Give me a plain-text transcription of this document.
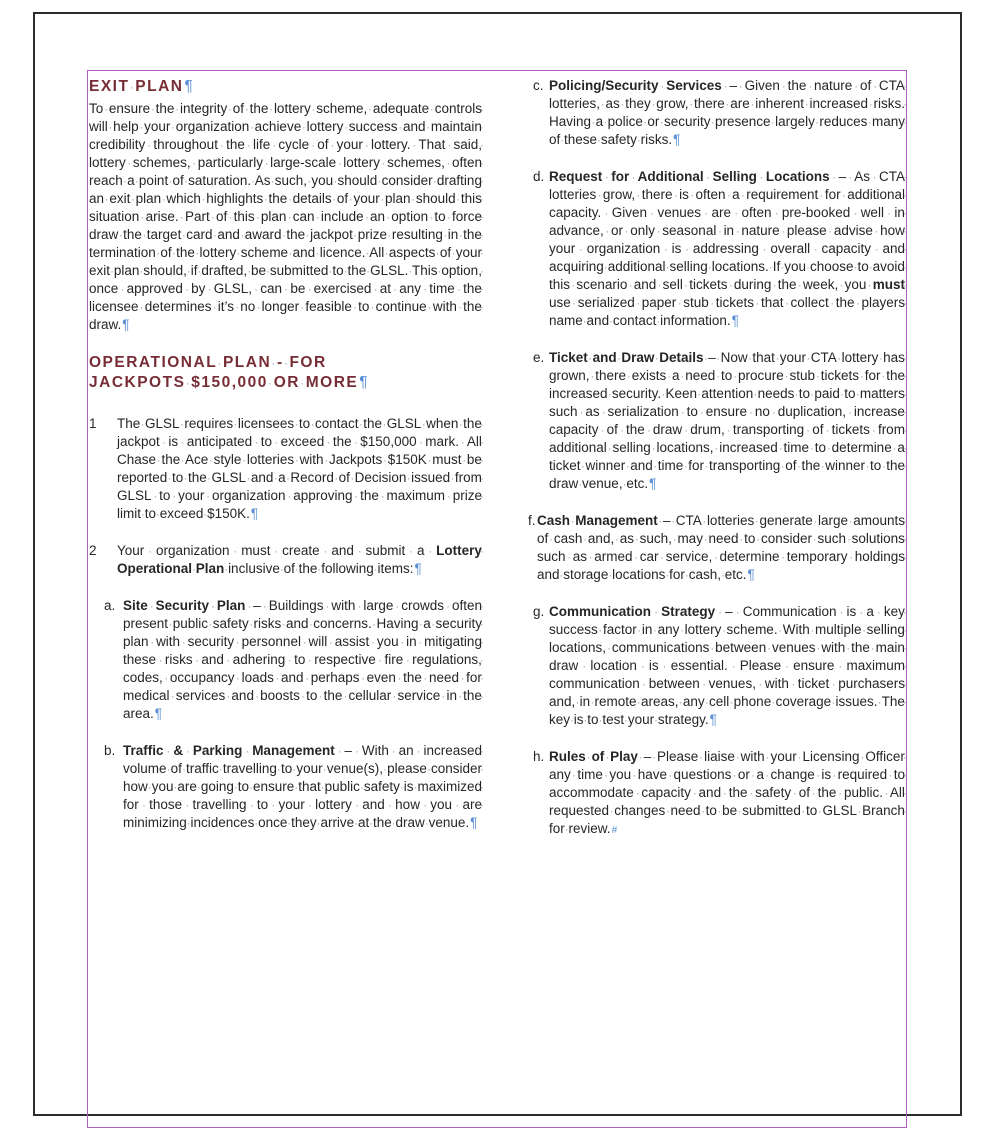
EXIT· PLAN¶
To· ensure· the· integrity· of· the· lottery· scheme,· adequate· controls will· help· your· organization· achieve· lottery· success· and· maintain credibility· throughout· the· life· cycle· of· your· lottery.· That· said, lottery· schemes,· particularly· large-scale· lottery· schemes,· often reach· a· point· of· saturation.· As· such,· you· should· consider· drafting an· exit· plan· which· highlights· the· details· of· your· plan· should· this situation· arise.· Part· of· this· plan· can· include· an· option· to· force draw· the· target· card· and· award· the· jackpot· prize· resulting· in· the termination· of· the· lottery· scheme· and· licence.· All· aspects· of· your exit· plan· should,· if· drafted,· be· submitted· to· the· GLSL.· This· option, once· approved· by· GLSL,· can· be· exercised· at· any· time· the licensee· determines· it’s· no· longer· feasible· to· continue· with· the draw.¶
OPERATIONAL· PLAN· -· FOR
JACKPOTS· $150,000· OR· MORE¶
1 The· GLSL· requires· licensees· to· contact· the· GLSL· when· the jackpot· is· anticipated· to· exceed· the· $150,000· mark.· All Chase· the· Ace· style· lotteries· with· Jackpots· $150K· must· be reported· to· the· GLSL· and· a· Record· of· Decision· issued· from GLSL· to· your· organization· approving· the· maximum· prize limit· to· exceed· $150K.¶
2 Your· organization· must· create· and· submit· a· Lottery Operational· Plan· inclusive· of· the· following· items:¶
a. Site· Security· Plan· –· Buildings· with· large· crowds· often present· public· safety· risks· and· concerns.· Having· a· security plan· with· security· personnel· will· assist· you· in· mitigating these· risks· and· adhering· to· respective· fire· regulations, codes,· occupancy· loads· and· perhaps· even· the· need· for medical· services· and· boosts· to· the· cellular· service· in· the area.¶
b. Traffic· &· Parking· Management· –· With· an· increased volume· of· traffic· travelling· to· your· venue(s),· please· consider how· you· are· going· to· ensure· that· public· safety· is· maximized for· those· travelling· to· your· lottery· and· how· you· are minimizing· incidences· once· they· arrive· at· the· draw· venue.¶
c. Policing/Security· Services· –· Given· the· nature· of· CTA lotteries,· as· they· grow,· there· are· inherent· increased· risks. Having· a· police· or· security· presence· largely· reduces· many of· these· safety· risks.¶
d. Request· for· Additional· Selling· Locations· –· As· CTA lotteries· grow,· there· is· often· a· requirement· for· additional capacity.· Given· venues· are· often· pre-booked· well· in advance,· or· only· seasonal· in· nature· please· advise· how your· organization· is· addressing· overall· capacity· and acquiring· additional· selling· locations.· If· you· choose· to· avoid this· scenario· and· sell· tickets· during· the· week,· you· must use· serialized· paper· stub· tickets· that· collect· the· players name· and· contact· information.¶
e. Ticket· and· Draw· Details· –· Now· that· your· CTA· lottery· has grown,· there· exists· a· need· to· procure· stub· tickets· for· the increased· security.· Keen· attention· needs· to· paid· to· matters such· as· serialization· to· ensure· no· duplication,· increase capacity· of· the· draw· drum,· transporting· of· tickets· from additional· selling· locations,· increased· time· to· determine· a ticket· winner· and· time· for· transporting· of· the· winner· to· the draw· venue,· etc.¶
f. Cash· Management· –· CTA· lotteries· generate· large· amounts of· cash· and,· as· such,· may· need· to· consider· such· solutions such· as· armed· car· service,· determine· temporary· holdings and· storage· locations· for· cash,· etc.¶
g. Communication· Strategy· –· Communication· is· a· key success· factor· in· any· lottery· scheme.· With· multiple· selling locations,· communications· between· venues· with· the· main draw· location· is· essential.· Please· ensure· maximum communication· between· venues,· with· ticket· purchasers and,· in· remote· areas,· any· cell· phone· coverage· issues.· The key· is· to· test· your· strategy.¶
h. Rules· of· Play· –· Please· liaise· with· your· Licensing· Officer any· time· you· have· questions· or· a· change· is· required· to accommodate· capacity· and· the· safety· of· the· public.· All requested· changes· need· to· be· submitted· to· GLSL· Branch for· review.#
